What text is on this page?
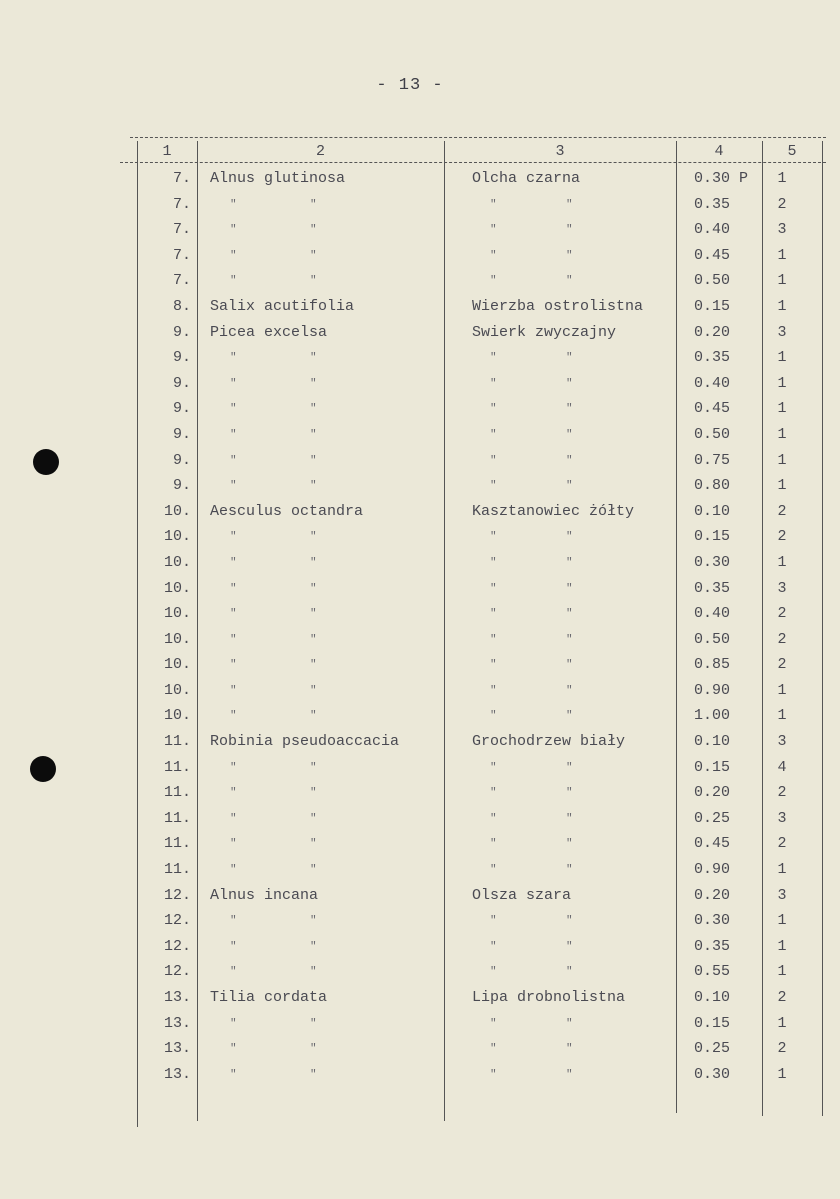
- 13 -
1	2	3	4	5
7. Alnus glutinosa	Olcha czarna	0.30 P	1
7.	"	"	"	"	0.35	2
7.	"	"	"	"	0.40	3
7.	"	"	"	"	0.45	1
7.	"	"	"	"	0.50	1
8. Salix acutifolia	Wierzba ostrolistna	0.15	1
9. Picea excelsa	Swierk zwyczajny	0.20	3
9.	"	"	"	"	0.35	1
9.	"	"	"	"	0.40	1
9.	"	"	"	"	0.45	1
9.	"	"	"	"	0.50	1
9.	"	"	"	"	0.75	1
9.	"	"	"	"	0.80	1
10. Aesculus octandra	Kasztanowiec żółty	0.10	2
10.	"	"	"	"	0.15	2
10.	"	"	"	"	0.30	1
10.	"	"	"	"	0.35	3
10.	"	"	"	"	0.40	2
10.	"	"	"	"	0.50	2
10.	"	"	"	"	0.85	2
10.	"	"	"	"	0.90	1
10.	"	"	"	"	1.00	1
11. Robinia pseudoaccacia	Grochodrzew biały	0.10	3
11.	"	"	"	"	0.15	4
11.	"	"	"	"	0.20	2
11.	"	"	"	"	0.25	3
11.	"	"	"	"	0.45	2
11.	"	"	"	"	0.90	1
12. Alnus incana	Olsza szara	0.20	3
12.	"	"	"	"	0.30	1
12.	"	"	"	"	0.35	1
12.	"	"	"	"	0.55	1
13. Tilia cordata	Lipa drobnolistna	0.10	2
13.	"	"	"	"	0.15	1
13.	"	"	"	"	0.25	2
13.	"	"	"	"	0.30	1
